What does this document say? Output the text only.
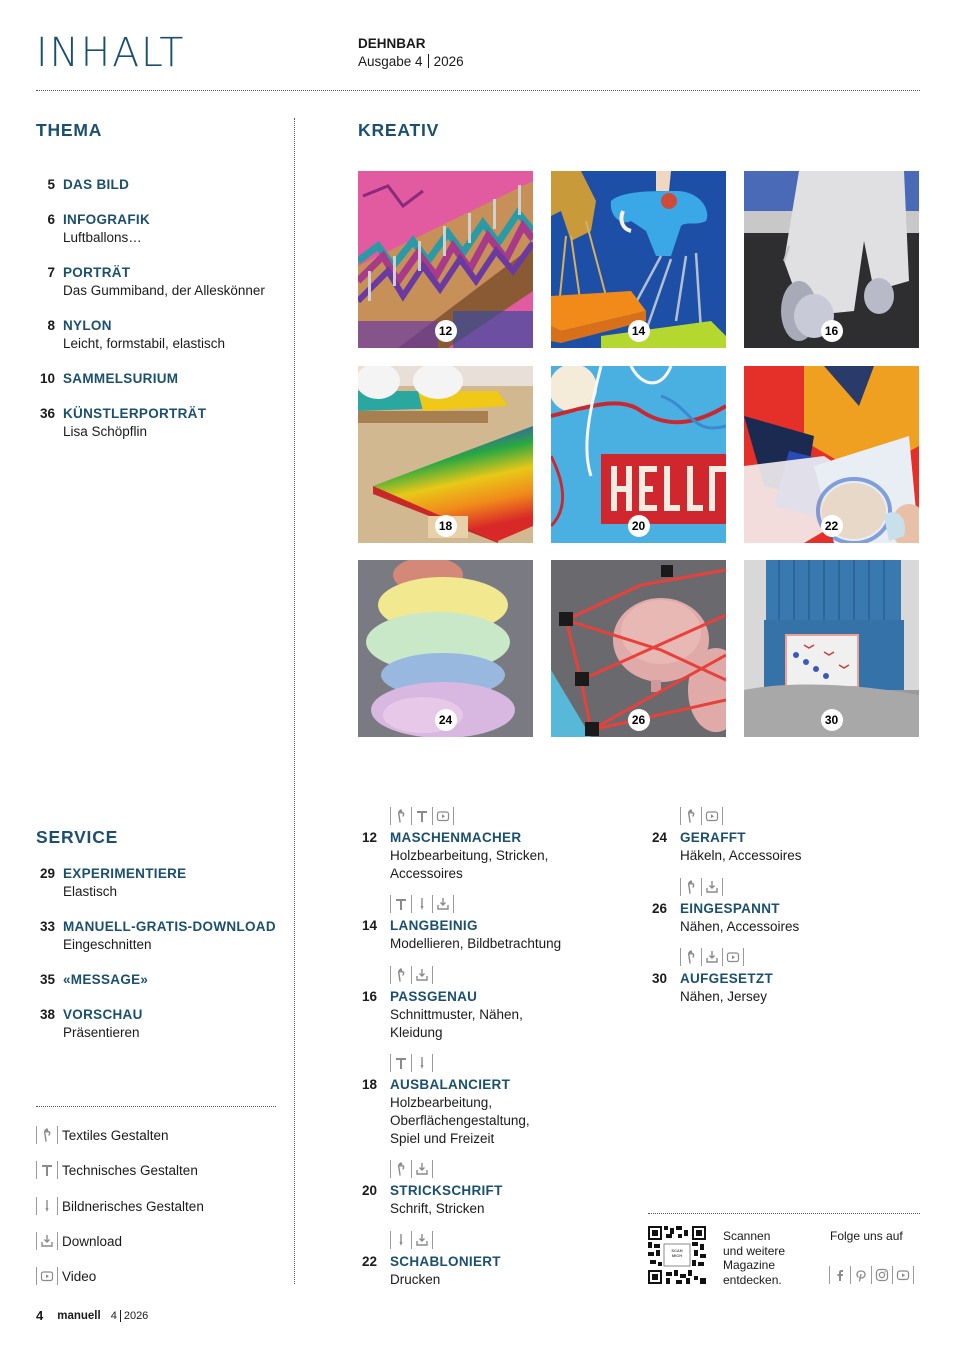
INHALT	DEHNBAR
Ausgabe 4 2026
THEMA
5 DAS BILD
6 INFOGRAFIK
Luftballons…
7 PORTRÄT
Das Gummiband, der Alleskönner
8 NYLON
Leicht, formstabil, elastisch
10 SAMMELSURIUM
36 KÜNSTLERPORTRÄT
Lisa Schöpflin
KREATIV
12	14	16
18	20	22
24	26	30
12 MASCHENMACHER
Holzbearbeitung, Stricken,
Accessoires
14 LANGBEINIG
Modellieren, Bildbetrachtung
16 PASSGENAU
Schnittmuster, Nähen,
Kleidung
18 AUSBALANCIERT
Holzbearbeitung,
Oberflächengestaltung,
Spiel und Freizeit
20 STRICKSCHRIFT
Schrift, Stricken
22 SCHABLONIERT
Drucken
24 GERAFFT
Häkeln, Accessoires
26 EINGESPANNT
Nähen, Accessoires
30 AUFGESETZT
Nähen, Jersey
SERVICE
29 EXPERIMENTIERE
Elastisch
33 MANUELL-GRATIS-DOWNLOAD
Eingeschnitten
35 «MESSAGE»
38 VORSCHAU
Präsentieren
Textiles Gestalten
Technisches Gestalten
Bildnerisches Gestalten
Download
Video
4 manuell 4 2026
SCAN MICH
Scannen
und weitere
Magazine
entdecken.
Folge uns auf
